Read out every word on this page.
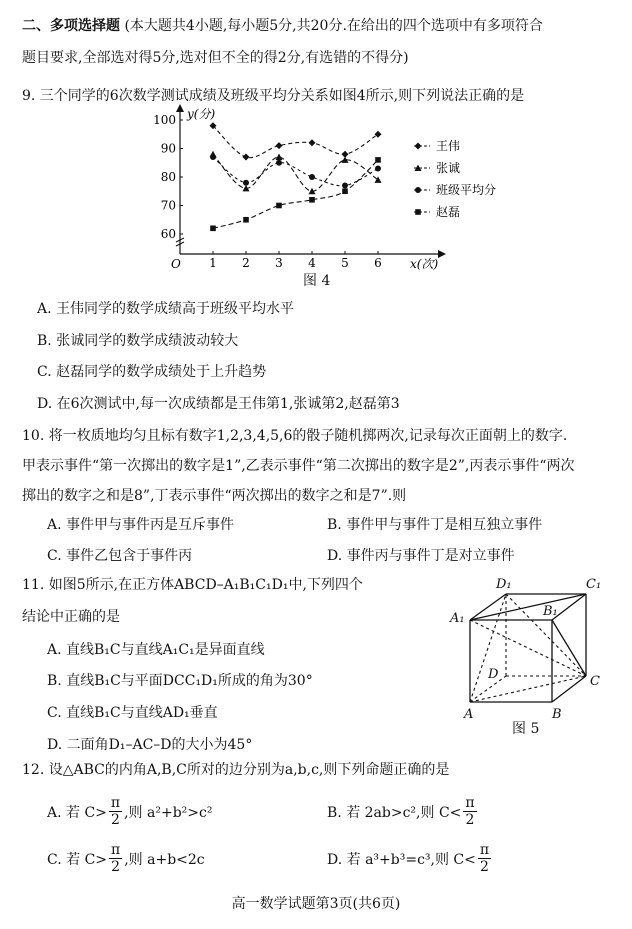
二、多项选择题 (本大题共4小题,每小题5分,共20分.在给出的四个选项中有多项符合
题目要求,全部选对得5分,选对但不全的得2分,有选错的不得分)
9. 三个同学的6次数学测试成绩及班级平均分关系如图4所示,则下列说法正确的是
y(分)
x(次)
O
60
70
80
90
100
1 2 3 4 5 6
王伟
张诚
班级平均分
赵磊
图 4
A. 王伟同学的数学成绩高于班级平均水平
B. 张诚同学的数学成绩波动较大
C. 赵磊同学的数学成绩处于上升趋势
D. 在6次测试中,每一次成绩都是王伟第1,张诚第2,赵磊第3
10. 将一枚质地均匀且标有数字1,2,3,4,5,6的骰子随机掷两次,记录每次正面朝上的数字.
甲表示事件“第一次掷出的数字是1”,乙表示事件“第二次掷出的数字是2”,丙表示事件“两次
掷出的数字之和是8”,丁表示事件“两次掷出的数字之和是7”.则
A. 事件甲与事件丙是互斥事件	B. 事件甲与事件丁是相互独立事件
C. 事件乙包含于事件丙	D. 事件丙与事件丁是对立事件
11. 如图5所示,在正方体ABCD–A₁B₁C₁D₁中,下列四个
结论中正确的是
A. 直线B₁C与直线A₁C₁是异面直线
B. 直线B₁C与平面DCC₁D₁所成的角为30°
C. 直线B₁C与直线AD₁垂直
D. 二面角D₁–AC–D的大小为45°
A₁
D₁	C₁
B₁
D	C
A	B
图 5
12. 设△ABC的内角A,B,C所对的边分别为a,b,c,则下列命题正确的是
A. 若 $C> \frac{\pi}{2}$ ,则 a²+b²>c²	B. 若 2ab>c²,则 $C< \frac{\pi}{2}$
C. 若 $C> \frac{\pi}{2}$ ,则 a+b<2c	D. 若 a³+b³=c³,则 $C< \frac{\pi}{2}$
高一数学试题第3页(共6页)
